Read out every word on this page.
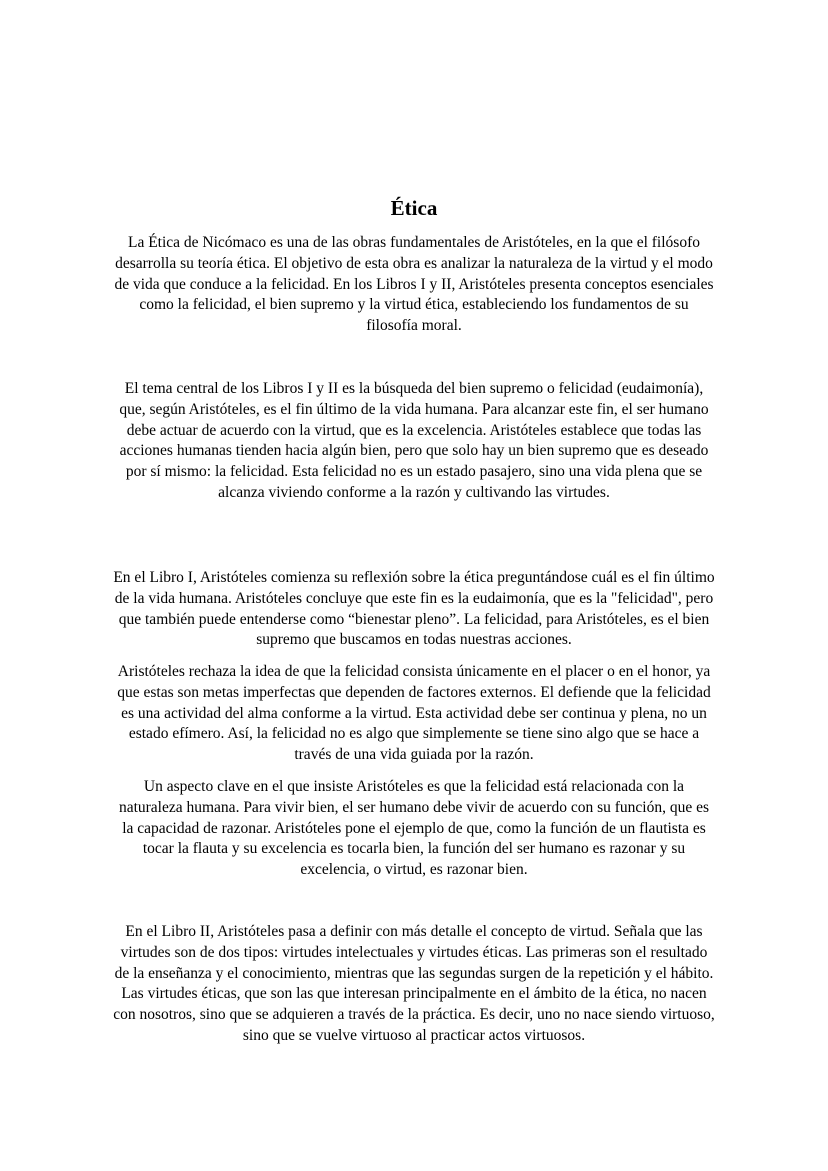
Ética

La Ética de Nicómaco es una de las obras fundamentales de Aristóteles, en la que el filósofo desarrolla su teoría ética. El objetivo de esta obra es analizar la naturaleza de la virtud y el modo de vida que conduce a la felicidad. En los Libros I y II, Aristóteles presenta conceptos esenciales como la felicidad, el bien supremo y la virtud ética, estableciendo los fundamentos de su filosofía moral.

El tema central de los Libros I y II es la búsqueda del bien supremo o felicidad (eudaimonía), que, según Aristóteles, es el fin último de la vida humana. Para alcanzar este fin, el ser humano debe actuar de acuerdo con la virtud, que es la excelencia. Aristóteles establece que todas las acciones humanas tienden hacia algún bien, pero que solo hay un bien supremo que es deseado por sí mismo: la felicidad. Esta felicidad no es un estado pasajero, sino una vida plena que se alcanza viviendo conforme a la razón y cultivando las virtudes.

En el Libro I, Aristóteles comienza su reflexión sobre la ética preguntándose cuál es el fin último de la vida humana. Aristóteles concluye que este fin es la eudaimonía, que es la "felicidad", pero que también puede entenderse como “bienestar pleno”. La felicidad, para Aristóteles, es el bien supremo que buscamos en todas nuestras acciones.

Aristóteles rechaza la idea de que la felicidad consista únicamente en el placer o en el honor, ya que estas son metas imperfectas que dependen de factores externos. El defiende que la felicidad es una actividad del alma conforme a la virtud. Esta actividad debe ser continua y plena, no un estado efímero. Así, la felicidad no es algo que simplemente se tiene sino algo que se hace a través de una vida guiada por la razón.

Un aspecto clave en el que insiste Aristóteles es que la felicidad está relacionada con la naturaleza humana. Para vivir bien, el ser humano debe vivir de acuerdo con su función, que es la capacidad de razonar. Aristóteles pone el ejemplo de que, como la función de un flautista es tocar la flauta y su excelencia es tocarla bien, la función del ser humano es razonar y su excelencia, o virtud, es razonar bien.

En el Libro II, Aristóteles pasa a definir con más detalle el concepto de virtud. Señala que las virtudes son de dos tipos: virtudes intelectuales y virtudes éticas. Las primeras son el resultado de la enseñanza y el conocimiento, mientras que las segundas surgen de la repetición y el hábito. Las virtudes éticas, que son las que interesan principalmente en el ámbito de la ética, no nacen con nosotros, sino que se adquieren a través de la práctica. Es decir, uno no nace siendo virtuoso, sino que se vuelve virtuoso al practicar actos virtuosos.
